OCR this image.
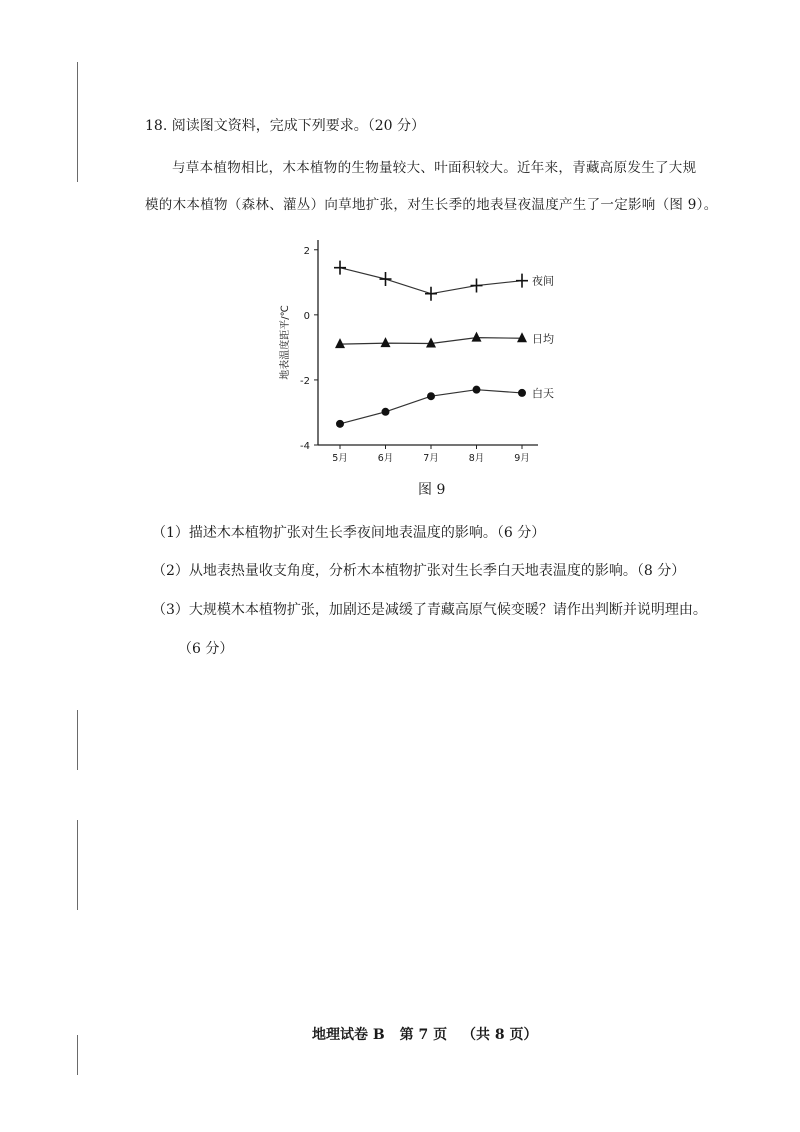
18. 阅读图文资料，完成下列要求。（20 分）
与草本植物相比，木本植物的生物量较大、叶面积较大。近年来，青藏高原发生了大规
模的木本植物（森林、灌丛）向草地扩张，对生长季的地表昼夜温度产生了一定影响（图 9）。
2
0
-2
-4
5月	6月	7月	8月	9月
地表温度距平/℃
夜间
日均
白天
图 9
（1）描述木本植物扩张对生长季夜间地表温度的影响。（6 分）
（2）从地表热量收支角度，分析木本植物扩张对生长季白天地表温度的影响。（8 分）
（3）大规模木本植物扩张，加剧还是减缓了青藏高原气候变暖？请作出判断并说明理由。
（6 分）
地理试卷 B 第 7 页 （共 8 页）
